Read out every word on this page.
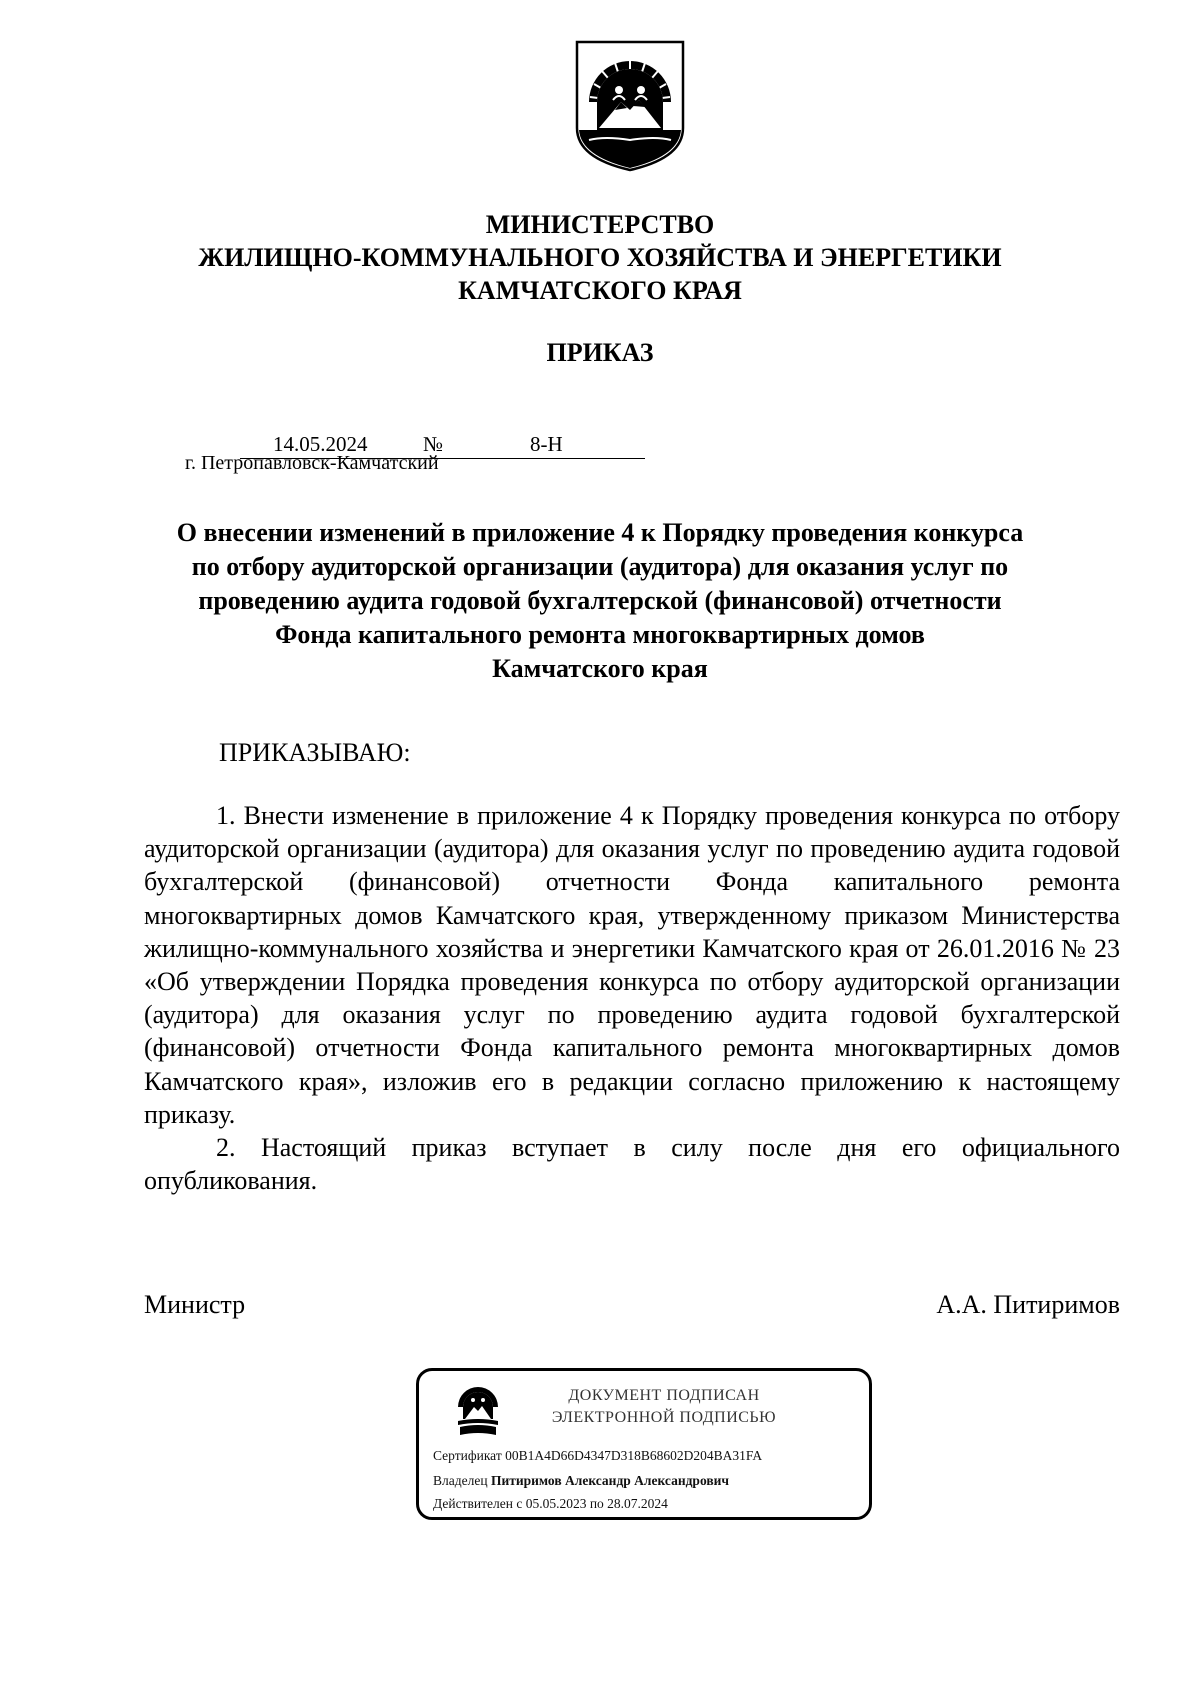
МИНИСТЕРСТВО
ЖИЛИЩНО-КОММУНАЛЬНОГО ХОЗЯЙСТВА И ЭНЕРГЕТИКИ
КАМЧАТСКОГО КРАЯ
ПРИКАЗ
14.05.2024	№	8-Н
г. Петропавловск-Камчатский
О внесении изменений в приложение 4 к Порядку проведения конкурса
по отбору аудиторской организации (аудитора) для оказания услуг по
проведению аудита годовой бухгалтерской (финансовой) отчетности
Фонда капитального ремонта многоквартирных домов
Камчатского края
ПРИКАЗЫВАЮ:

1. Внести изменение в приложение 4 к Порядку проведения конкурса по отбору аудиторской организации (аудитора) для оказания услуг по проведению аудита годовой бухгалтерской (финансовой) отчетности Фонда капитального ремонта многоквартирных домов Камчатского края, утвержденному приказом Министерства жилищно-коммунального хозяйства и энергетики Камчатского края от 26.01.2016 № 23 «Об утверждении Порядка проведения конкурса по отбору аудиторской организации (аудитора) для оказания услуг по проведению аудита годовой бухгалтерской (финансовой) отчетности Фонда капитального ремонта многоквартирных домов Камчатского края», изложив его в редакции согласно приложению к настоящему приказу.

2. Настоящий приказ вступает в силу после дня его официального опубликования.

Министр	А.А. Питиримов
ДОКУМЕНТ ПОДПИСАН
ЭЛЕКТРОННОЙ ПОДПИСЬЮ
Сертификат 00B1A4D66D4347D318B68602D204BA31FA
Владелец Питиримов Александр Александрович
Действителен с 05.05.2023 по 28.07.2024
